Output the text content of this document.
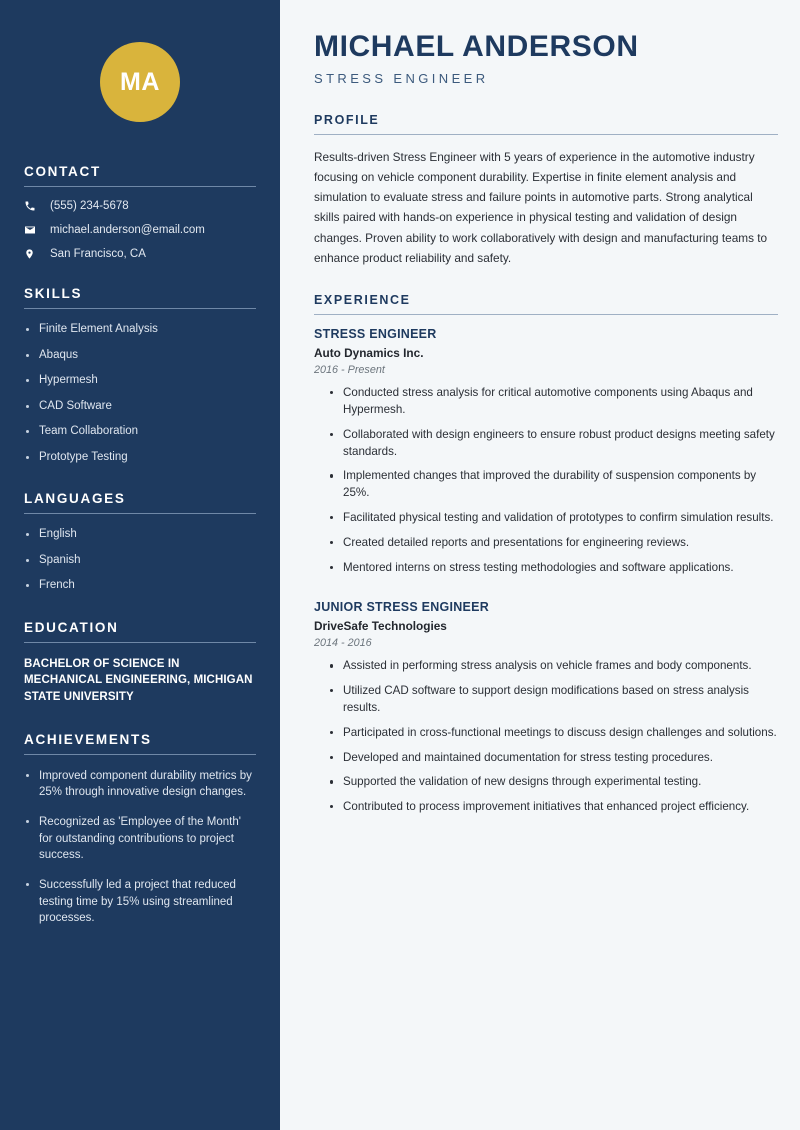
MA
CONTACT
(555) 234-5678
michael.anderson@email.com
San Francisco, CA
SKILLS
Finite Element Analysis
Abaqus
Hypermesh
CAD Software
Team Collaboration
Prototype Testing
LANGUAGES
English
Spanish
French
EDUCATION
BACHELOR OF SCIENCE IN MECHANICAL ENGINEERING, MICHIGAN STATE UNIVERSITY
ACHIEVEMENTS
Improved component durability metrics by 25% through innovative design changes.
Recognized as 'Employee of the Month' for outstanding contributions to project success.
Successfully led a project that reduced testing time by 15% using streamlined processes.
MICHAEL ANDERSON
STRESS ENGINEER
PROFILE

Results-driven Stress Engineer with 5 years of experience in the automotive industry focusing on vehicle component durability. Expertise in finite element analysis and simulation to evaluate stress and failure points in automotive parts. Strong analytical skills paired with hands-on experience in physical testing and validation of design changes. Proven ability to work collaboratively with design and manufacturing teams to enhance product reliability and safety.

EXPERIENCE
STRESS ENGINEER
Auto Dynamics Inc.
2016 - Present
Conducted stress analysis for critical automotive components using Abaqus and Hypermesh.
Collaborated with design engineers to ensure robust product designs meeting safety standards.
Implemented changes that improved the durability of suspension components by 25%.
Facilitated physical testing and validation of prototypes to confirm simulation results.
Created detailed reports and presentations for engineering reviews.
Mentored interns on stress testing methodologies and software applications.
JUNIOR STRESS ENGINEER
DriveSafe Technologies
2014 - 2016
Assisted in performing stress analysis on vehicle frames and body components.
Utilized CAD software to support design modifications based on stress analysis results.
Participated in cross-functional meetings to discuss design challenges and solutions.
Developed and maintained documentation for stress testing procedures.
Supported the validation of new designs through experimental testing.
Contributed to process improvement initiatives that enhanced project efficiency.
